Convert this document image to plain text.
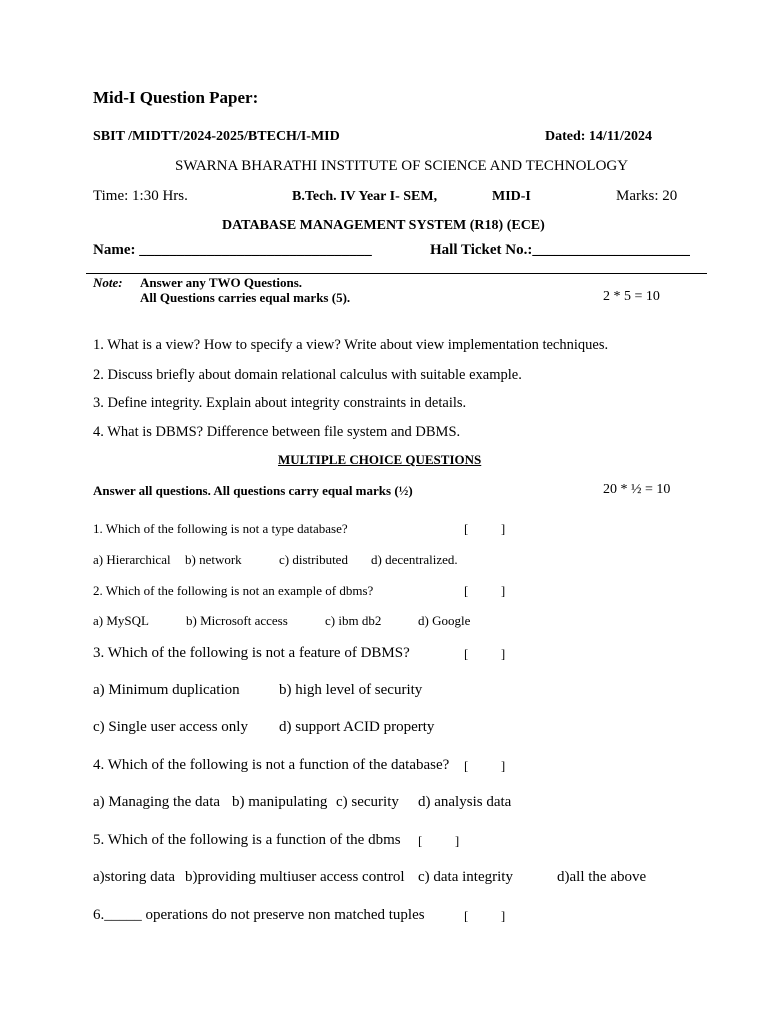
Mid-I Question Paper:
SBIT /MIDTT/2024-2025/BTECH/I-MID	Dated: 14/11/2024
SWARNA BHARATHI INSTITUTE OF SCIENCE AND TECHNOLOGY
Time: 1:30 Hrs.	B.Tech. IV Year I- SEM,	MID-I	Marks: 20
DATABASE MANAGEMENT SYSTEM (R18) (ECE)
Name: _______________________________	Hall Ticket No.:_____________________
Note: Answer any TWO Questions.
All Questions carries equal marks (5).	2 * 5 = 10
1. What is a view? How to specify a view? Write about view implementation techniques.
2. Discuss briefly about domain relational calculus with suitable example.
3. Define integrity. Explain about integrity constraints in details.
4. What is DBMS? Difference between file system and DBMS.
MULTIPLE CHOICE QUESTIONS
Answer all questions. All questions carry equal marks (½)	20 * ½ = 10
1. Which of the following is not a type database?	[          ]
a) Hierarchical b) network	c) distributed d) decentralized.
2. Which of the following is not an example of dbms?	[          ]
a) MySQL	b) Microsoft access	c) ibm db2	d) Google
3. Which of the following is not a feature of DBMS?	[          ]
a) Minimum duplication	b) high level of security
c) Single user access only d) support ACID property
4. Which of the following is not a function of the database? [          ]
a) Managing the data b) manipulating c) security d) analysis data
5. Which of the following is a function of the dbms [          ]
a)storing data b)providing multiuser access control c) data integrity	d)all the above
6._____ operations do not preserve non matched tuples	[          ]
